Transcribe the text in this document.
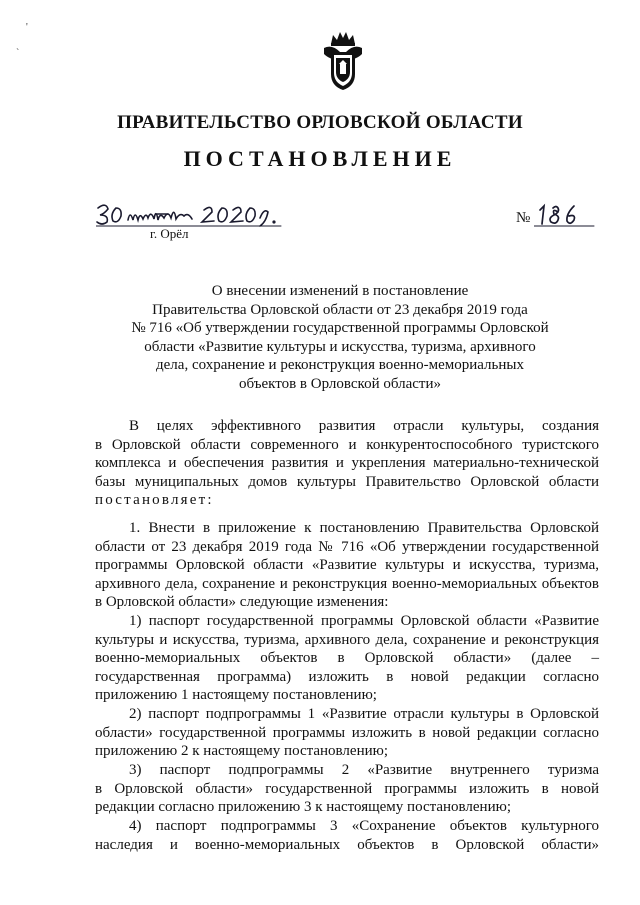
ПРАВИТЕЛЬСТВО ОРЛОВСКОЙ ОБЛАСТИ
ПОСТАНОВЛЕНИЕ
г. Орёл
№
О внесении изменений в постановление
Правительства Орловской области от 23 декабря 2019 года
№ 716 «Об утверждении государственной программы Орловской
области «Развитие культуры и искусства, туризма, архивного
дела, сохранение и реконструкция военно-мемориальных
объектов в Орловской области»
В целях эффективного развития отрасли культуры, создания
в Орловской области современного и конкурентоспособного туристского
комплекса и обеспечения развития и укрепления материально-технической
базы муниципальных домов культуры Правительство Орловской области
постановляет:
1. Внести в приложение к постановлению Правительства Орловской
области от 23 декабря 2019 года № 716 «Об утверждении государственной
программы Орловской области «Развитие культуры и искусства, туризма,
архивного дела, сохранение и реконструкция военно-мемориальных объектов
в Орловской области» следующие изменения:
1) паспорт государственной программы Орловской области «Развитие
культуры и искусства, туризма, архивного дела, сохранение и реконструкция
военно-мемориальных объектов в Орловской области» (далее –
государственная программа) изложить в новой редакции согласно
приложению 1 настоящему постановлению;
2) паспорт подпрограммы 1 «Развитие отрасли культуры в Орловской
области» государственной программы изложить в новой редакции согласно
приложению 2 к настоящему постановлению;
3) паспорт подпрограммы 2 «Развитие внутреннего туризма
в Орловской области» государственной программы изложить в новой
редакции согласно приложению 3 к настоящему постановлению;
4) паспорт подпрограммы 3 «Сохранение объектов культурного
наследия и военно-мемориальных объектов в Орловской области»
'
`
